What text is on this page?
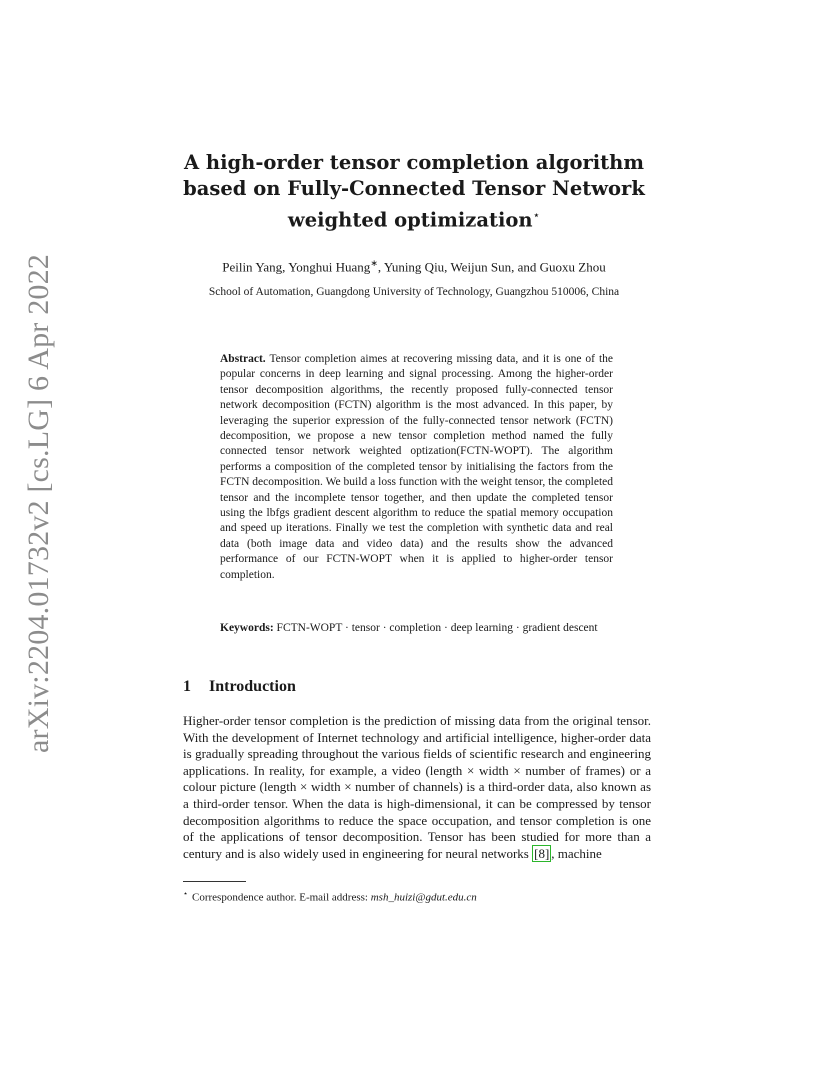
arXiv:2204.01732v2 [cs.LG] 6 Apr 2022
A high-order tensor completion algorithm based on Fully-Connected Tensor Network weighted optimization⋆
Peilin Yang, Yonghui Huang∗, Yuning Qiu, Weijun Sun, and Guoxu Zhou
School of Automation, Guangdong University of Technology, Guangzhou 510006, China
Abstract. Tensor completion aimes at recovering missing data, and it is one of the popular concerns in deep learning and signal processing. Among the higher-order tensor decomposition algorithms, the recently proposed fully-connected tensor network decomposition (FCTN) algorithm is the most advanced. In this paper, by leveraging the superior expression of the fully-connected tensor network (FCTN) decomposition, we propose a new tensor completion method named the fully connected tensor network weighted optization(FCTN-WOPT). The algorithm performs a composition of the completed tensor by initialising the factors from the FCTN decomposition. We build a loss function with the weight tensor, the completed tensor and the incomplete tensor together, and then update the completed tensor using the lbfgs gradient descent algorithm to reduce the spatial memory occupation and speed up iterations. Finally we test the completion with synthetic data and real data (both image data and video data) and the results show the advanced performance of our FCTN-WOPT when it is applied to higher-order tensor completion.
Keywords: FCTN-WOPT · tensor · completion · deep learning · gradient descent
1 Introduction
Higher-order tensor completion is the prediction of missing data from the original tensor. With the development of Internet technology and artificial intelligence, higher-order data is gradually spreading throughout the various fields of scientific research and engineering applications. In reality, for example, a video (length × width × number of frames) or a colour picture (length × width × number of channels) is a third-order data, also known as a third-order tensor. When the data is high-dimensional, it can be compressed by tensor decomposition algorithms to reduce the space occupation, and tensor completion is one of the applications of tensor decomposition. Tensor has been studied for more than a century and is also widely used in engineering for neural networks [8] , machine
⋆ Correspondence author. E-mail address: msh_huizi@gdut.edu.cn
